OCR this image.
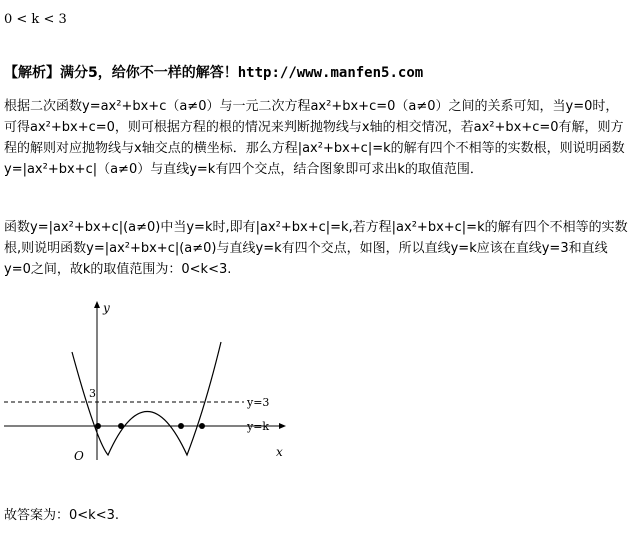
0 < k < 3
【解析】满分5，给你不一样的解答！http://www.manfen5.com
根据二次函数y=ax²+bx+c（a≠0）与一元二次方程ax²+bx+c=0（a≠0）之间的关系可知，当y=0时，可得ax²+bx+c=0，则可根据方程的根的情况来判断抛物线与x轴的相交情况，若ax²+bx+c=0有解，则方程的解则对应抛物线与x轴交点的横坐标．那么方程|ax²+bx+c|=k的解有四个不相等的实数根，则说明函数y=|ax²+bx+c|（a≠0）与直线y=k有四个交点，结合图象即可求出k的取值范围．
函数y=|ax²+bx+c|(a≠0)中当y=k时,即有|ax²+bx+c|=k,若方程|ax²+bx+c|=k的解有四个不相等的实数根,则说明函数y=|ax²+bx+c|(a≠0)与直线y=k有四个交点，如图，所以直线y=k应该在直线y=3和直线y=0之间，故k的取值范围为：0<k<3.
y
x
O
3
y=3
y=k
故答案为：0<k<3.
